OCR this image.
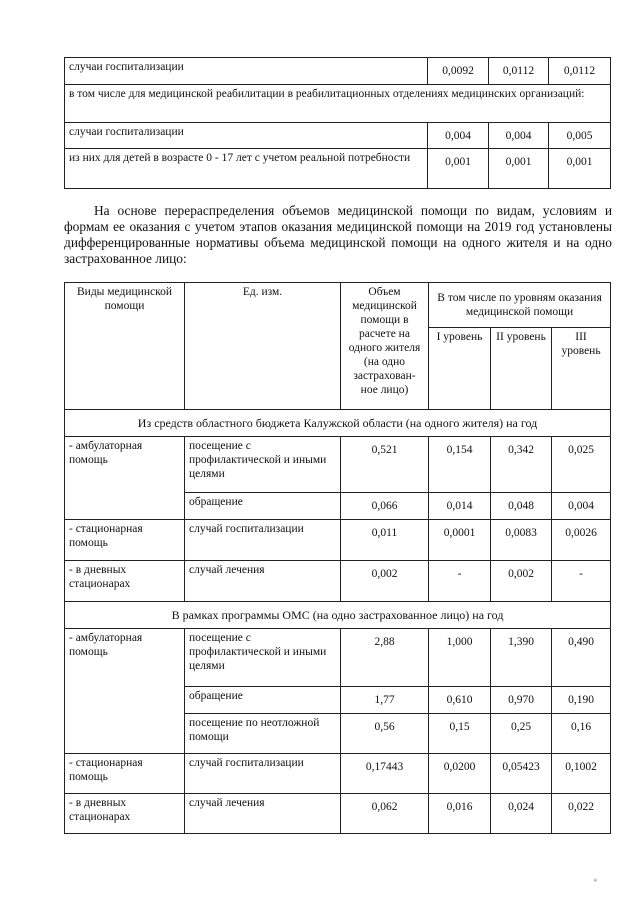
случаи госпитализации	0,0092	0,0112	0,0112
в том числе для медицинской реабилитации в реабилитационных отделениях медицинских организаций:			
случаи госпитализации	0,004	0,004	0,005
из них для детей в возрасте 0 - 17 лет с учетом реальной потребности	0,001	0,001	0,001
На основе перераспределения объемов медицинской помощи по видам, условиям и формам ее оказания с учетом этапов оказания медицинской помощи на 2019 год установлены дифференцированные нормативы объема медицинской помощи на одного жителя и на одно застрахованное лицо:
Виды медицинской помощи	Ед. изм.	Объем медицинской помощи в расчете на одного жителя (на одно застрахован-ное лицо)	В том числе по уровням оказания медицинской помощи		
			I уровень	II уровень	III уровень
Из средств областного бюджета Калужской области (на одного жителя) на год					
- амбулаторная помощь	посещение с профилактической и иными целями	0,521	0,154	0,342	0,025
	обращение	0,066	0,014	0,048	0,004
- стационарная помощь	случай госпитализации	0,011	0,0001	0,0083	0,0026
- в дневных стационарах	случай лечения	0,002	-	0,002	-
В рамках программы ОМС (на одно застрахованное лицо) на год					
- амбулаторная помощь	посещение с профилактической и иными целями	2,88	1,000	1,390	0,490
	обращение	1,77	0,610	0,970	0,190
	посещение по неотложной помощи	0,56	0,15	0,25	0,16
- стационарная помощь	случай госпитализации	0,17443	0,0200	0,05423	0,1002
- в дневных стационарах	случай лечения	0,062	0,016	0,024	0,022
*
